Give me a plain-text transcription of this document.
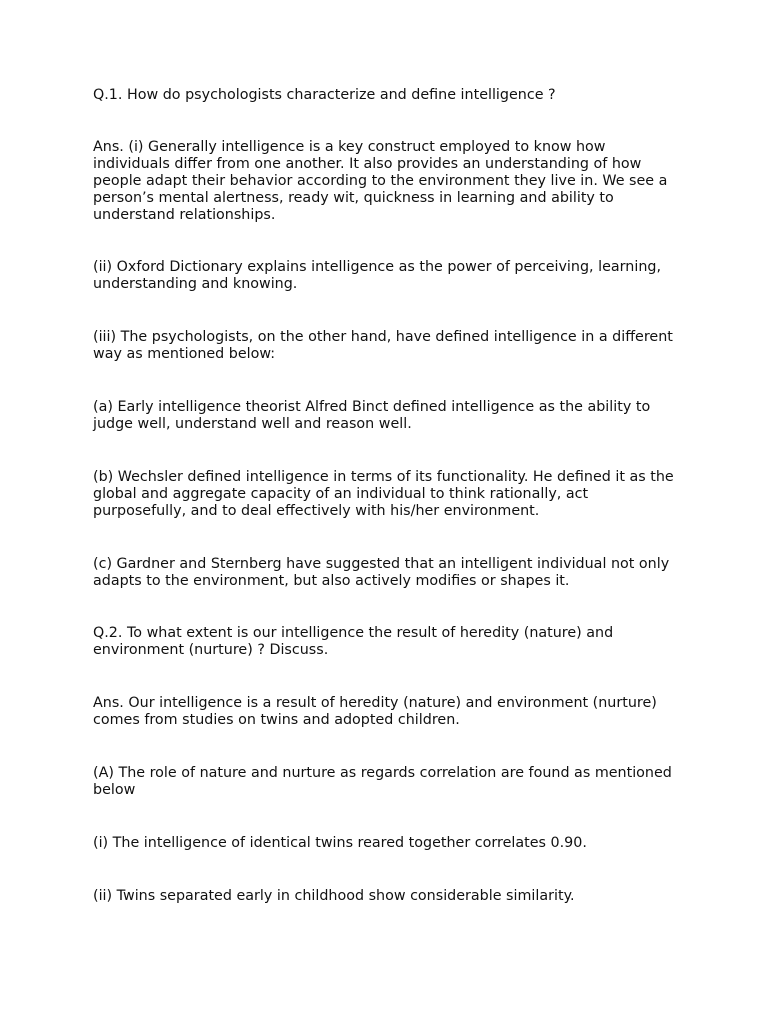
Q.1. How do psychologists characterize and define intelligence ?

Ans. (i) Generally intelligence is a key construct employed to know how individuals differ from one another. It also provides an understanding of how people adapt their behavior according to the environment they live in. We see a person’s mental alertness, ready wit, quickness in learning and ability to understand relationships.

(ii) Oxford Dictionary explains intelligence as the power of perceiving, learning, understanding and knowing.

(iii) The psychologists, on the other hand, have defined intelligence in a different way as mentioned below:

(a) Early intelligence theorist Alfred Binct defined intelligence as the ability to judge well, understand well and reason well.

(b) Wechsler defined intelligence in terms of its functionality. He defined it as the global and aggregate capacity of an individual to think rationally, act purposefully, and to deal effectively with his/her environment.

(c) Gardner and Sternberg have suggested that an intelligent individual not only adapts to the environment, but also actively modifies or shapes it.

Q.2. To what extent is our intelligence the result of heredity (nature) and environment (nurture) ? Discuss.

Ans. Our intelligence is a result of heredity (nature) and environment (nurture) comes from studies on twins and adopted children.

(A) The role of nature and nurture as regards correlation are found as mentioned below

(i) The intelligence of identical twins reared together correlates 0.90.

(ii) Twins separated early in childhood show considerable similarity.
